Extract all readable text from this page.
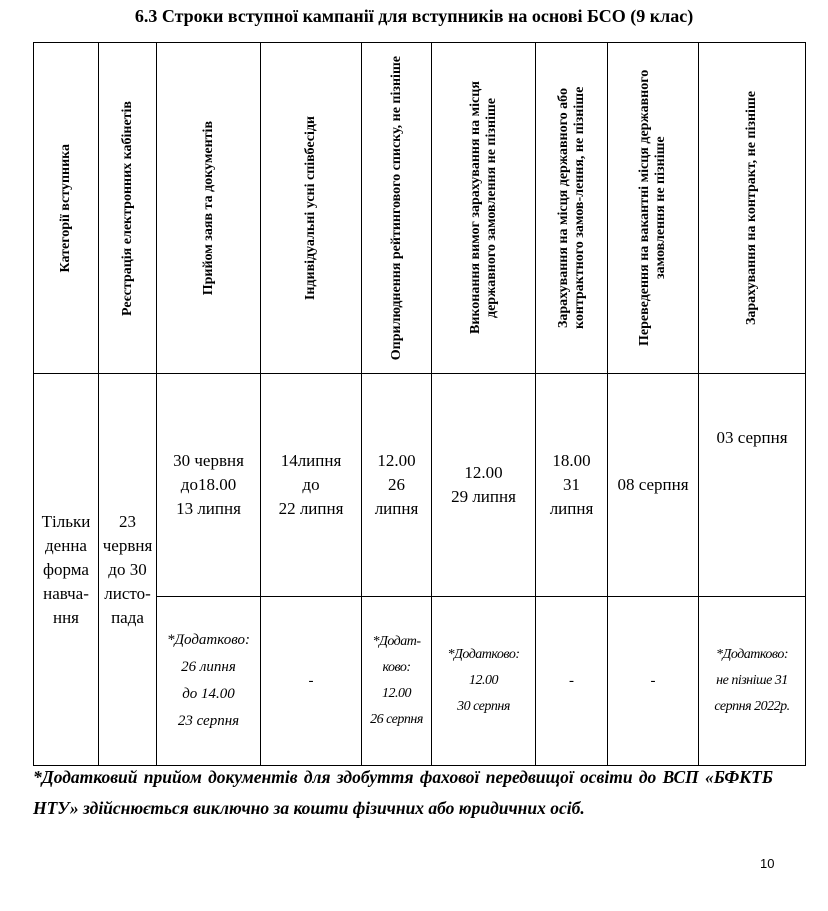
6.3 Строки вступної кампанії для вступників на основі БСО (9 клас)
Категорії вступника	Реєстрація електронних кабінетів	Прийом заяв та документів	Індивідуальні усні співбесіди	Оприлюднення рейтингового списку, не пізніше	Виконання вимог зарахування на місця державного замовлення не пізніше	Зарахування на місця державного або контрактного замов-лення, не пізніше	Переведення на вакантні місця державного замовлення не пізніше	Зарахування на контракт, не пізніше

Тільки
денна
форма
навча-
ння	23
червня
до 30
листо-
пада	30 червня
до18.00
13 липня	14липня
до
22 липня	12.00
26
липня	12.00
29 липня	18.00
31
липня	08 серпня	03 серпня
		*Додатково:
26 липня
до 14.00
23 серпня	-	*Додат-
ково:
12.00
26 серпня	*Додатково:
12.00
30 серпня	-	-	*Додатково:
не пізніше 31
серпня 2022р.
*Додатковий прийом документів для здобуття фахової передвищої освіти до ВСП «БФКТБ НТУ» здійснюється виключно за кошти фізичних або юридичних осіб.
10
